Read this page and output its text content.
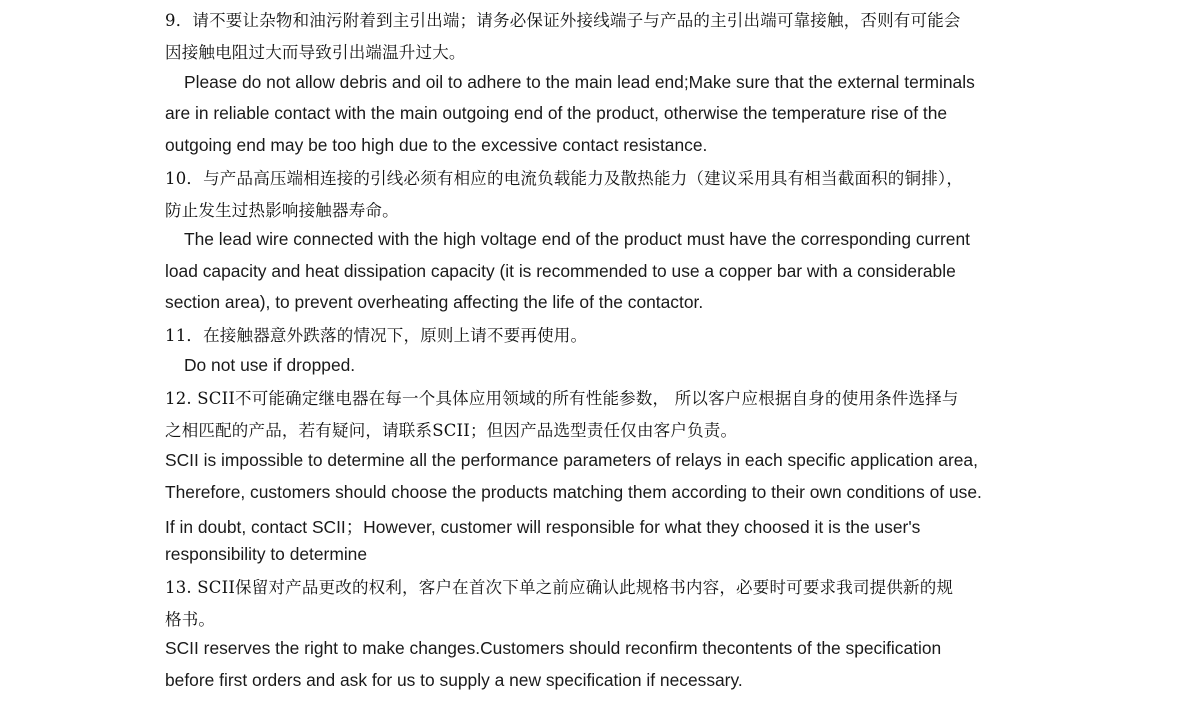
9．请不要让杂物和油污附着到主引出端；请务必保证外接线端子与产品的主引出端可靠接触，否则有可能会
因接触电阻过大而导致引出端温升过大。
Please do not allow debris and oil to adhere to the main lead end;Make sure that the external terminals
are in reliable contact with the main outgoing end of the product, otherwise the temperature rise of the
outgoing end may be too high due to the excessive contact resistance.
10．与产品高压端相连接的引线必须有相应的电流负载能力及散热能力（建议采用具有相当截面积的铜排），
防止发生过热影响接触器寿命。
The lead wire connected with the high voltage end of the product must have the corresponding current
load capacity and heat dissipation capacity (it is recommended to use a copper bar with a considerable
section area), to prevent overheating affecting the life of the contactor.
11．在接触器意外跌落的情况下，原则上请不要再使用。
Do not use if dropped.
12. SCII不可能确定继电器在每一个具体应用领域的所有性能参数， 所以客户应根据自身的使用条件选择与
之相匹配的产品，若有疑问，请联系SCII；但因产品选型责任仅由客户负责。
SCII is impossible to determine all the performance parameters of relays in each specific application area,
Therefore, customers should choose the products matching them according to their own conditions of use.
If in doubt, contact SCII；However, customer will responsible for what they choosed it is the user's
responsibility to determine
13. SCII保留对产品更改的权利，客户在首次下单之前应确认此规格书内容，必要时可要求我司提供新的规
格书。
SCII reserves the right to make changes.Customers should reconfirm thecontents of the specification
before first orders and ask for us to supply a new specification if necessary.
